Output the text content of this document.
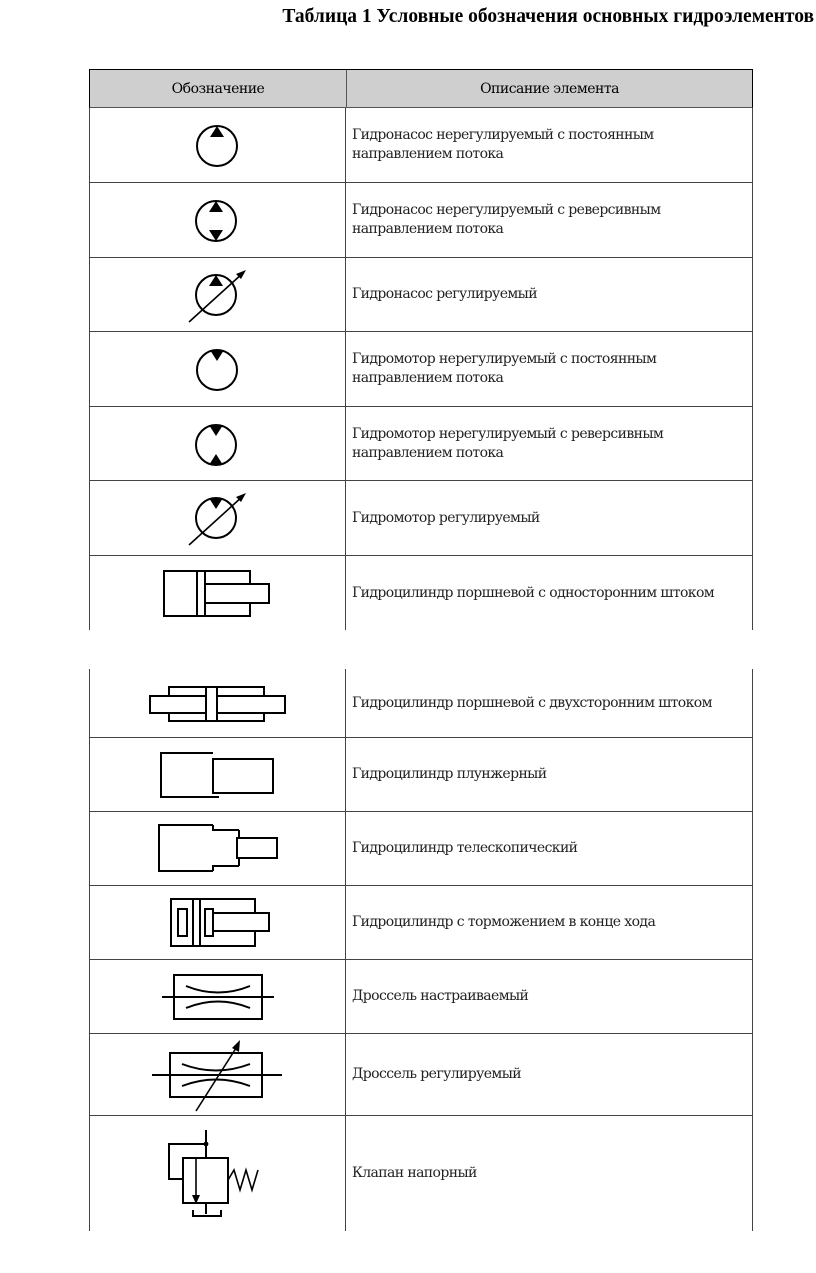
Таблица 1 Условные обозначения основных гидроэлементов
Обозначение	Описание элемента
Гидронасос нерегулируемый с постоянным направлением потока
Гидронасос нерегулируемый с реверсивным направлением потока
Гидронасос регулируемый
Гидромотор нерегулируемый с постоянным направлением потока
Гидромотор нерегулируемый с реверсивным направлением потока
Гидромотор регулируемый
Гидроцилиндр поршневой с односторонним штоком
Гидроцилиндр поршневой с двухсторонним штоком
Гидроцилиндр плунжерный
Гидроцилиндр телескопический
Гидроцилиндр с торможением в конце хода
Дроссель настраиваемый
Дроссель регулируемый
Клапан напорный
